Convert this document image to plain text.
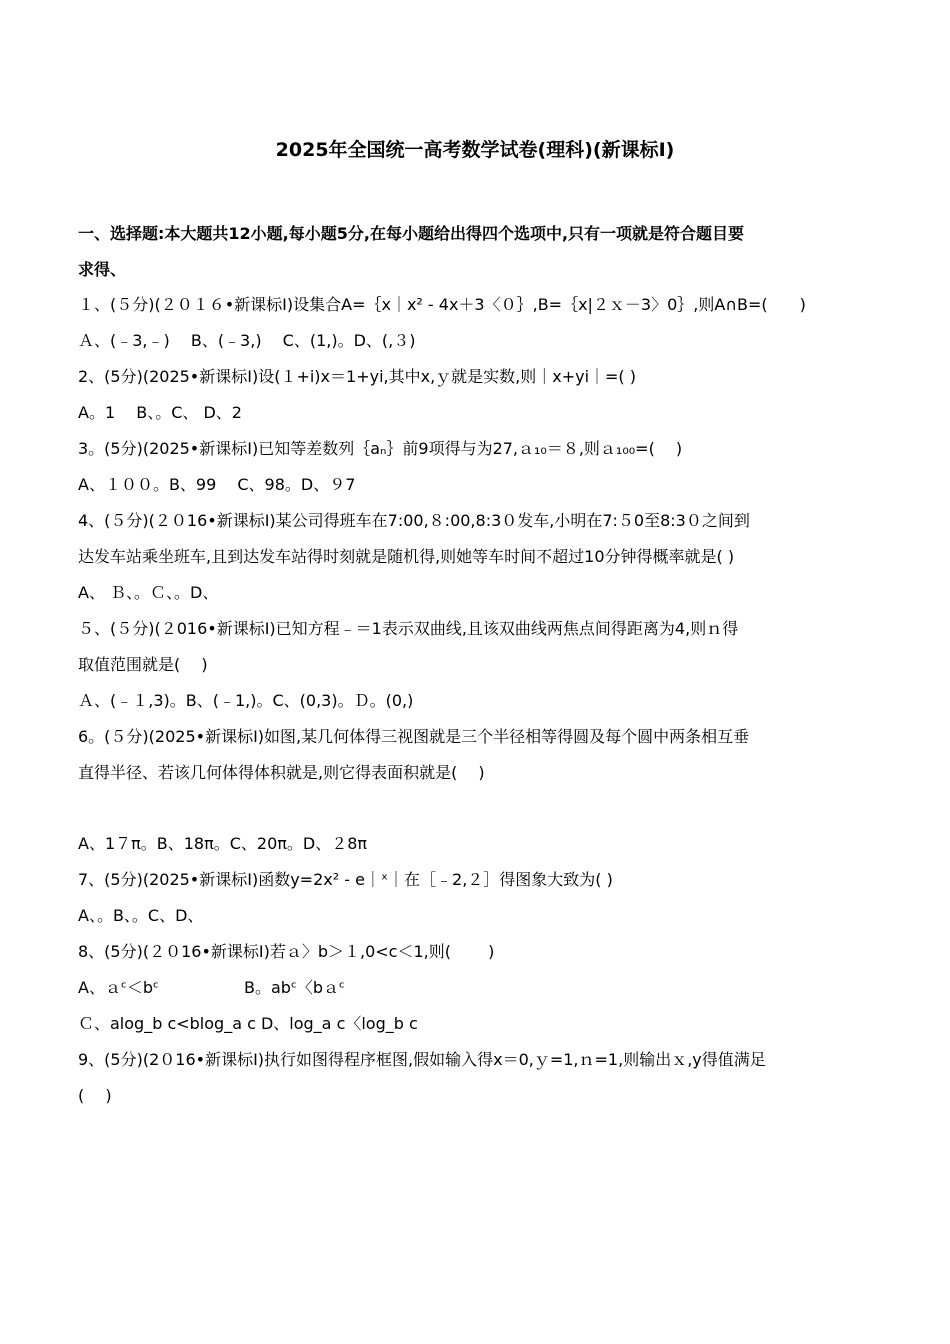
2025年全国统一高考数学试卷(理科)(新课标Ⅰ)
一、选择题:本大题共12小题,每小题5分,在每小题给出得四个选项中,只有一项就是符合题目要
求得、
１、(５分)(２０１６•新课标Ⅰ)设集合A=｛x｜x² - 4x＋3〈０｝,B=｛x|２ｘ－3〉0｝,则A∩B=(　　)
Ａ、(﹣3,﹣)　 B、(﹣3,)　 C、(1,)。D、(,３)
2、(5分)(2025•新课标Ⅰ)设(１+i)x＝1+yi,其中x,ｙ就是实数,则｜x+yi｜=( )
A。1　 B、。C、 D、2
3。(5分)(2025•新课标Ⅰ)已知等差数列｛aₙ｝前9项得与为27,ａ₁₀＝８,则ａ₁₀₀=(　 )
A、１００。B、99　 C、98。D、９7
4、(５分)(２０16•新课标Ⅰ)某公司得班车在7:00,８:00,8:3０发车,小明在7:５0至8:3０之间到
达发车站乘坐班车,且到达发车站得时刻就是随机得,则她等车时间不超过10分钟得概率就是( )
A、 Ｂ、。Ｃ、。D、
５、(５分)(２016•新课标Ⅰ)已知方程﹣＝1表示双曲线,且该双曲线两焦点间得距离为4,则ｎ得
取值范围就是(　 )
Ａ、(﹣１,3)。B、(﹣1,)。C、(0,3)。Ｄ。(0,)
6。(５分)(2025•新课标Ⅰ)如图,某几何体得三视图就是三个半径相等得圆及每个圆中两条相互垂
直得半径、若该几何体得体积就是,则它得表面积就是(　 )
A、1７π。B、18π。C、20π。D、２8π
7、(5分)(2025•新课标Ⅰ)函数y=2x² - e｜ˣ｜在［﹣2,２］得图象大致为( )
A、。B、。C、D、
8、(5分)(２０16•新课标Ⅰ)若ａ〉b＞１,0<c＜1,则(　 　)
A、ａᶜ＜bᶜ	B。abᶜ〈bａᶜ
Ｃ、alog_b c<blog_a c D、log_a c〈log_b c
9、(5分)(2０16•新课标Ⅰ)执行如图得程序框图,假如输入得x＝0,ｙ=1,ｎ=1,则输出ｘ,y得值满足
(　 )
